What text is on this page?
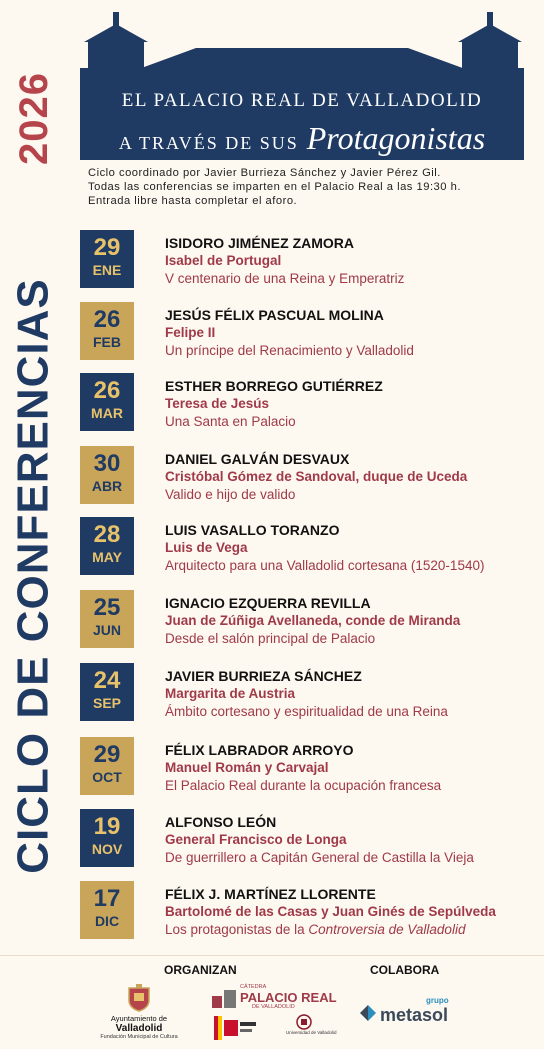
2026
CICLO DE CONFERENCIAS
EL PALACIO REAL DE VALLADOLID
A TRAVÉS DE SUS Protagonistas
Ciclo coordinado por Javier Burrieza Sánchez y Javier Pérez Gil.
Todas las conferencias se imparten en el Palacio Real a las 19:30 h.
Entrada libre hasta completar el aforo.
29
ENE
ISIDORO JIMÉNEZ ZAMORA
Isabel de Portugal
V centenario de una Reina y Emperatriz
26
FEB
JESÚS FÉLIX PASCUAL MOLINA
Felipe II
Un príncipe del Renacimiento y Valladolid
26
MAR
ESTHER BORREGO GUTIÉRREZ
Teresa de Jesús
Una Santa en Palacio
30
ABR
DANIEL GALVÁN DESVAUX
Cristóbal Gómez de Sandoval, duque de Uceda
Valido e hijo de valido
28
MAY
LUIS VASALLO TORANZO
Luis de Vega
Arquitecto para una Valladolid cortesana (1520-1540)
25
JUN
IGNACIO EZQUERRA REVILLA
Juan de Zúñiga Avellaneda, conde de Miranda
Desde el salón principal de Palacio
24
SEP
JAVIER BURRIEZA SÁNCHEZ
Margarita de Austria
Ámbito cortesano y espiritualidad de una Reina
29
OCT
FÉLIX LABRADOR ARROYO
Manuel Román y Carvajal
El Palacio Real durante la ocupación francesa
19
NOV
ALFONSO LEÓN
General Francisco de Longa
De guerrillero a Capitán General de Castilla la Vieja
17
DIC
FÉLIX J. MARTÍNEZ LLORENTE
Bartolomé de las Casas y Juan Ginés de Sepúlveda
Los protagonistas de la Controversia de Valladolid
ORGANIZAN	COLABORA
Ayuntamiento de
Valladolid
Fundación Municipal de Cultura
CÁTEDRA
PALACIO REAL
DE VALLADOLID
Universidad de Valladolid
grupo
metasol
